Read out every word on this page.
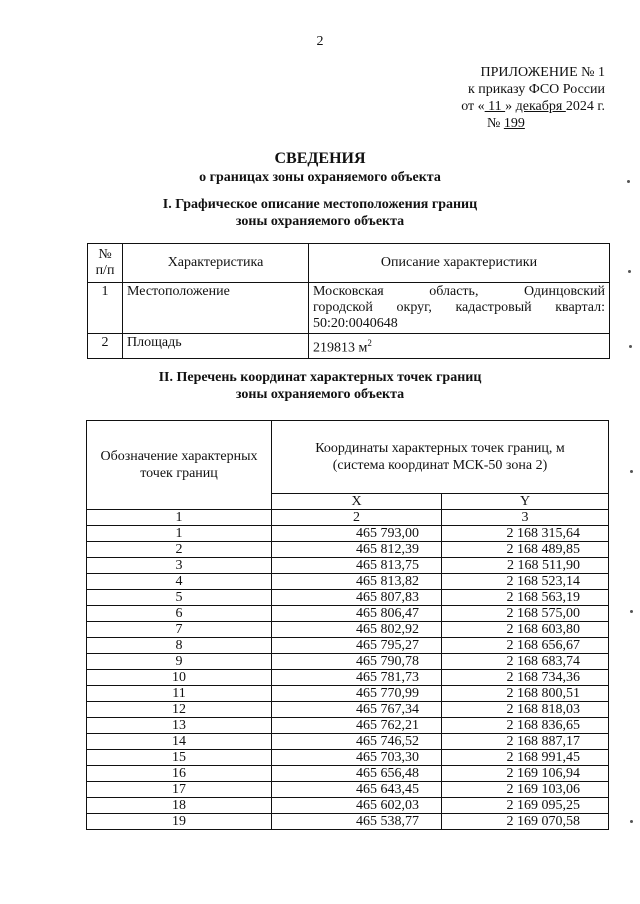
2
ПРИЛОЖЕНИЕ № 1
к приказу ФСО России
от « 11 » декабря 2024 г.
№ 199
СВЕДЕНИЯ
о границах зоны охраняемого объекта
I. Графическое описание местоположения границ
зоны охраняемого объекта
№ п/п	Характеристика	Описание характеристики
1	Местоположение	Московская область, Одинцовский
городской округ, кадастровый квартал:
50:20:0040648

2	Площадь	219813 $м^2$
II. Перечень координат характерных точек границ
зоны охраняемого объекта
Обозначение характерных точек границ	Координаты характерных точек границ, м
(система координат МСК-50 зона 2)	

	X	Y
1	2	3
1	465 793,00	2 168 315,64
2	465 812,39	2 168 489,85
3	465 813,75	2 168 511,90
4	465 813,82	2 168 523,14
5	465 807,83	2 168 563,19
6	465 806,47	2 168 575,00
7	465 802,92	2 168 603,80
8	465 795,27	2 168 656,67
9	465 790,78	2 168 683,74
10	465 781,73	2 168 734,36
11	465 770,99	2 168 800,51
12	465 767,34	2 168 818,03
13	465 762,21	2 168 836,65
14	465 746,52	2 168 887,17
15	465 703,30	2 168 991,45
16	465 656,48	2 169 106,94
17	465 643,45	2 169 103,06
18	465 602,03	2 169 095,25
19	465 538,77	2 169 070,58
